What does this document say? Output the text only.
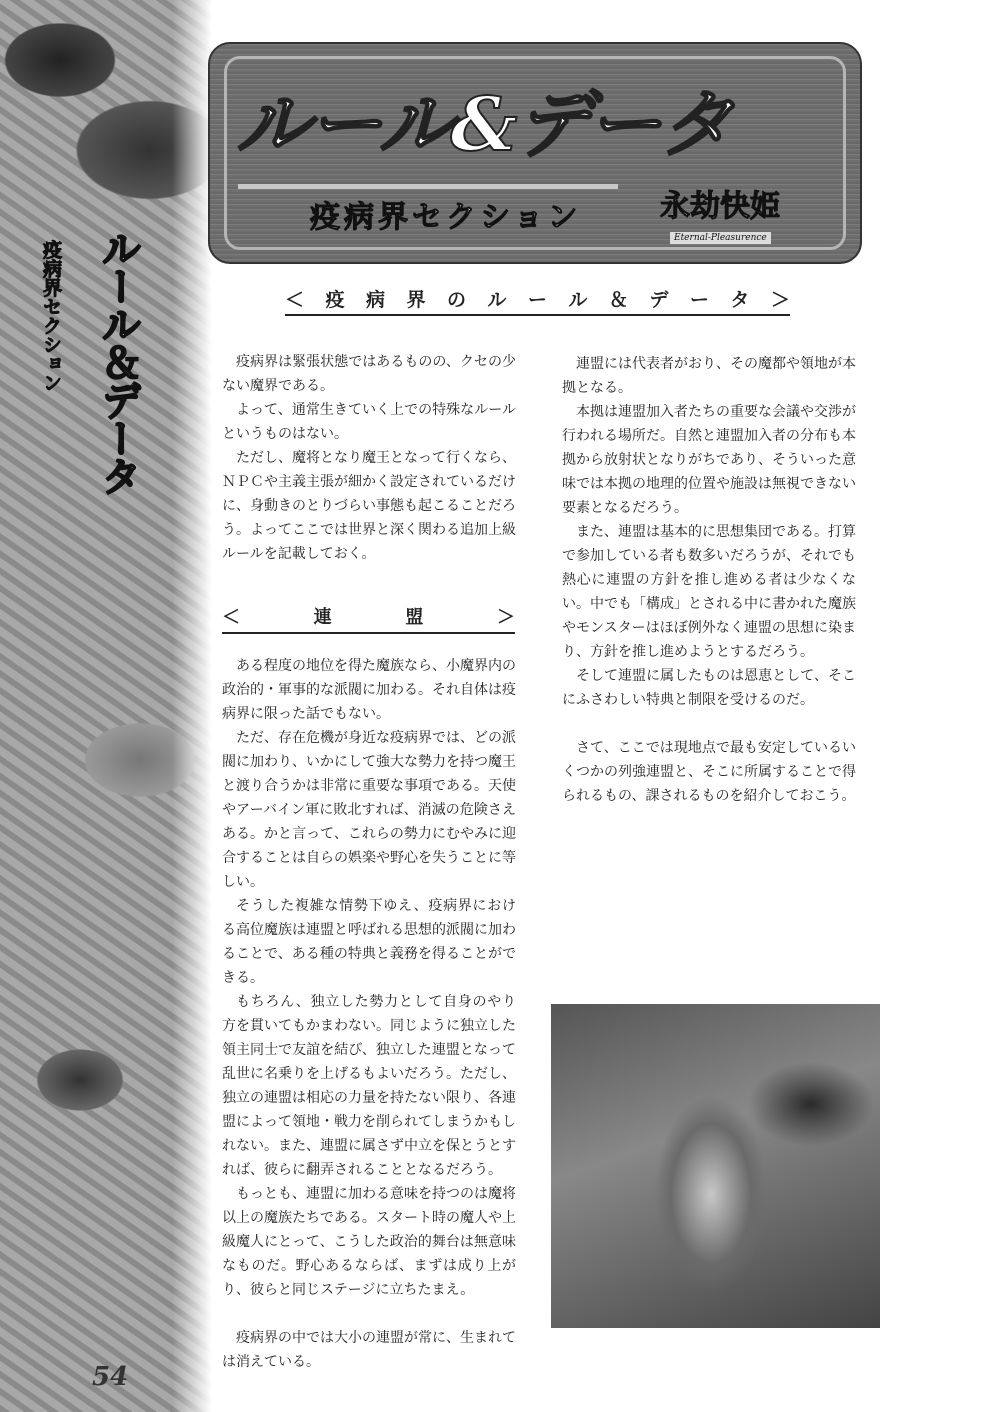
ルール＆データ
疫病界セクション
54
ルール&データ
疫病界セクション	永劫快姫
Eternal-Pleasurence
＜ 疫 病 界 の ル ー ル ＆ デ ー タ ＞

疫病界は緊張状態ではあるものの、クセの少ない魔界である。

よって、通常生きていく上での特殊なルールというものはない。

ただし、魔将となり魔王となって行くなら、ＮＰＣや主義主張が細かく設定されているだけに、身動きのとりづらい事態も起こることだろう。よってここでは世界と深く関わる追加上級ルールを記載しておく。

＜	連	盟	＞

ある程度の地位を得た魔族なら、小魔界内の政治的・軍事的な派閥に加わる。それ自体は疫病界に限った話でもない。

ただ、存在危機が身近な疫病界では、どの派閥に加わり、いかにして強大な勢力を持つ魔王と渡り合うかは非常に重要な事項である。天使やアーバイン軍に敗北すれば、消滅の危険さえある。かと言って、これらの勢力にむやみに迎合することは自らの娯楽や野心を失うことに等しい。

そうした複雑な情勢下ゆえ、疫病界における高位魔族は連盟と呼ばれる思想的派閥に加わることで、ある種の特典と義務を得ることができる。

もちろん、独立した勢力として自身のやり方を貫いてもかまわない。同じように独立した領主同士で友誼を結び、独立した連盟となって乱世に名乗りを上げるもよいだろう。ただし、独立の連盟は相応の力量を持たない限り、各連盟によって領地・戦力を削られてしまうかもしれない。また、連盟に属さず中立を保とうとすれば、彼らに翻弄されることとなるだろう。

もっとも、連盟に加わる意味を持つのは魔将以上の魔族たちである。スタート時の魔人や上級魔人にとって、こうした政治的舞台は無意味なものだ。野心あるならば、まずは成り上がり、彼らと同じステージに立ちたまえ。

疫病界の中では大小の連盟が常に、生まれては消えている。

連盟には代表者がおり、その魔都や領地が本拠となる。

本拠は連盟加入者たちの重要な会議や交渉が行われる場所だ。自然と連盟加入者の分布も本拠から放射状となりがちであり、そういった意味では本拠の地理的位置や施設は無視できない要素となるだろう。

また、連盟は基本的に思想集団である。打算で参加している者も数多いだろうが、それでも熱心に連盟の方針を推し進める者は少なくない。中でも「構成」とされる中に書かれた魔族やモンスターはほぼ例外なく連盟の思想に染まり、方針を推し進めようとするだろう。

そして連盟に属したものは恩恵として、そこにふさわしい特典と制限を受けるのだ。

さて、ここでは現地点で最も安定しているいくつかの列強連盟と、そこに所属することで得られるもの、課されるものを紹介しておこう。
